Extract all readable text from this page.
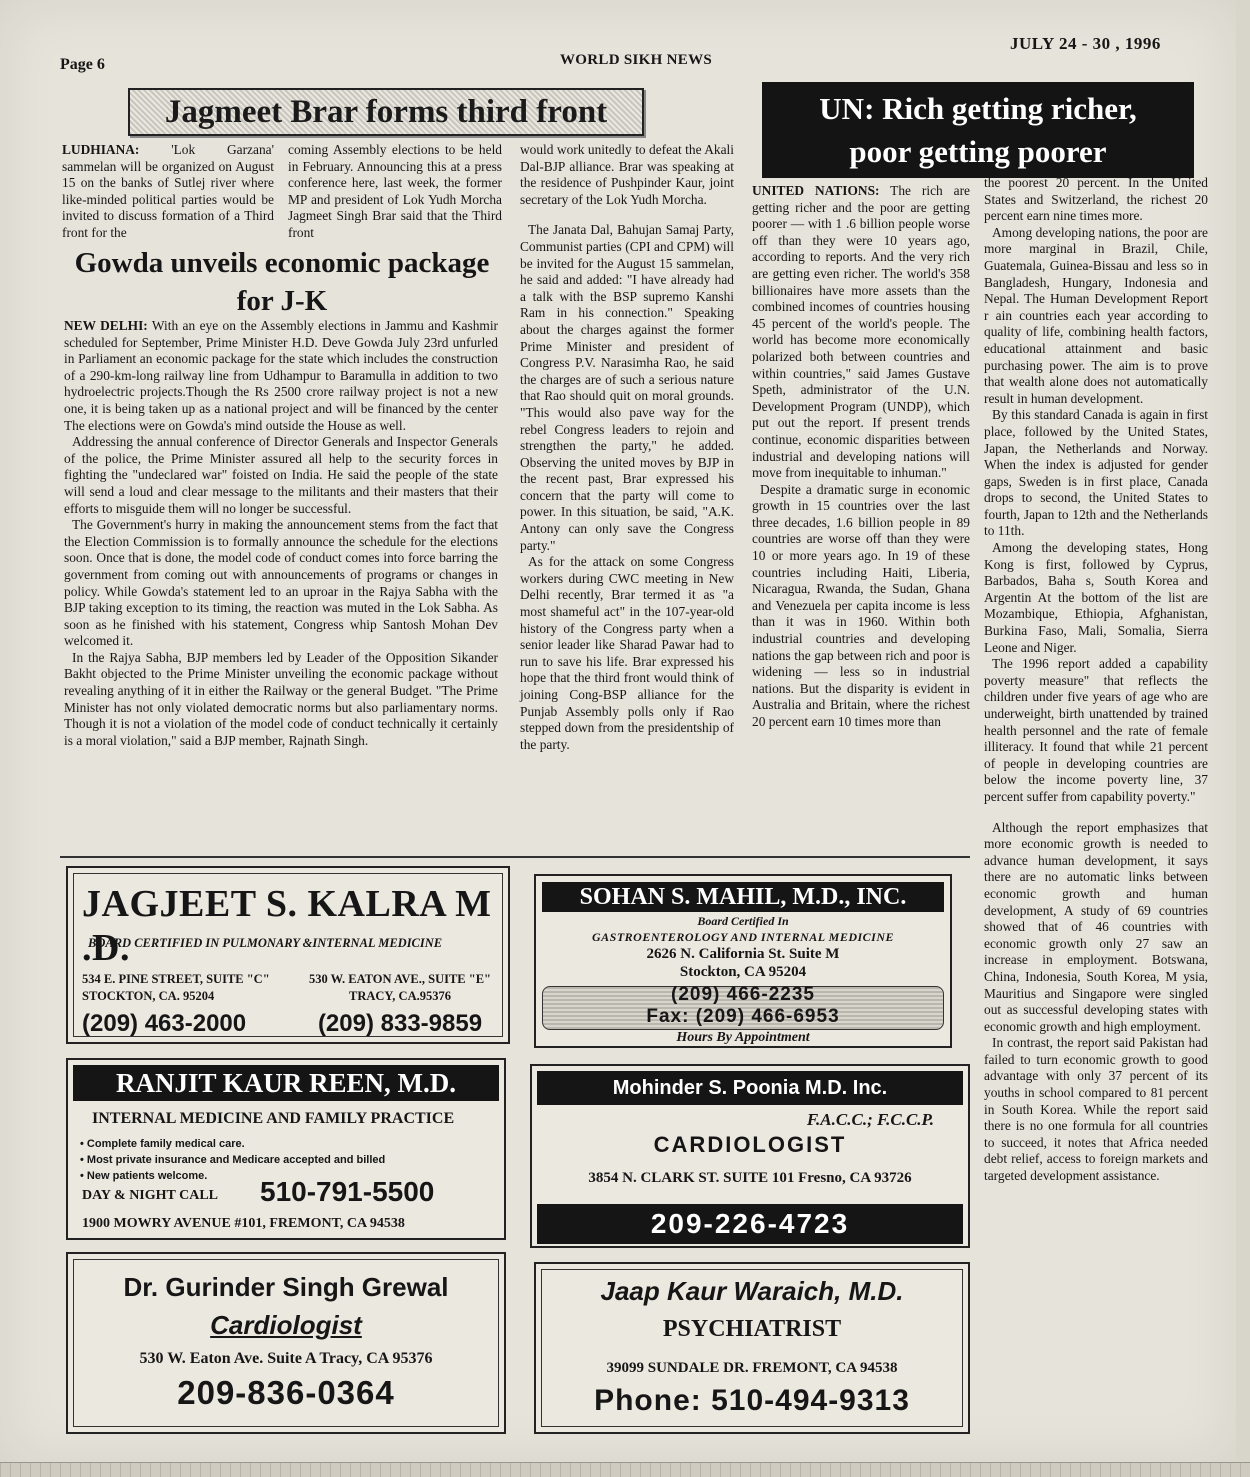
Page 6	WORLD SIKH NEWS
JULY 24 - 30 , 1996
Jagmeet Brar forms third front

LUDHIANA: 'Lok Garzana' sammelan will be organized on August 15 on the banks of Sutlej river where like-minded political parties would be invited to discuss formation of a Third front for the

coming Assembly elections to be held in February. Announcing this at a press conference here, last week, the former MP and president of Lok Yudh Morcha Jagmeet Singh Brar said that the Third front

would work unitedly to defeat the Akali Dal-BJP alliance. Brar was speaking at the residence of Pushpinder Kaur, joint secretary of the Lok Yudh Morcha.

The Janata Dal, Bahujan Samaj Party, Communist parties (CPI and CPM) will be invited for the August 15 sammelan, he said and added: "I have already had a talk with the BSP supremo Kanshi Ram in his connection." Speaking about the charges against the former Prime Minister and president of Congress P.V. Narasimha Rao, he said the charges are of such a serious nature that Rao should quit on moral grounds. "This would also pave way for the rebel Congress leaders to rejoin and strengthen the party," he added. Observing the united moves by BJP in the recent past, Brar expressed his concern that the party will come to power. In this situation, be said, "A.K. Antony can only save the Congress party."

As for the attack on some Congress workers during CWC meeting in New Delhi recently, Brar termed it as "a most shameful act" in the 107-year-old history of the Congress party when a senior leader like Sharad Pawar had to run to save his life. Brar expressed his hope that the third front would think of joining Cong-BSP alliance for the Punjab Assembly polls only if Rao stepped down from the presidentship of the party.

Gowda unveils economic package for J-K

NEW DELHI: With an eye on the Assembly elections in Jammu and Kashmir scheduled for September, Prime Minister H.D. Deve Gowda July 23rd unfurled in Parliament an economic package for the state which includes the construction of a 290-km-long railway line from Udhampur to Baramulla in addition to two hydroelectric projects.Though the Rs 2500 crore railway project is not a new one, it is being taken up as a national project and will be financed by the center The elections were on Gowda's mind outside the House as well.

Addressing the annual conference of Director Generals and Inspector Generals of the police, the Prime Minister assured all help to the security forces in fighting the "undeclared war" foisted on India. He said the people of the state will send a loud and clear message to the militants and their masters that their efforts to misguide them will no longer be successful.

The Government's hurry in making the announcement stems from the fact that the Election Commission is to formally announce the schedule for the elections soon. Once that is done, the model code of conduct comes into force barring the government from coming out with announcements of programs or changes in policy. While Gowda's statement led to an uproar in the Rajya Sabha with the BJP taking exception to its timing, the reaction was muted in the Lok Sabha. As soon as he finished with his statement, Congress whip Santosh Mohan Dev welcomed it.

In the Rajya Sabha, BJP members led by Leader of the Opposition Sikander Bakht objected to the Prime Minister unveiling the economic package without revealing anything of it in either the Railway or the general Budget. "The Prime Minister has not only violated democratic norms but also parliamentary norms. Though it is not a violation of the model code of conduct technically it certainly is a moral violation," said a BJP member, Rajnath Singh.

UN: Rich getting richer,
poor getting poorer

UNITED NATIONS: The rich are getting richer and the poor are getting poorer — with 1 .6 billion people worse off than they were 10 years ago, according to reports. And the very rich are getting even richer. The world's 358 billionaires have more assets than the combined incomes of countries housing 45 percent of the world's people. The world has become more economically polarized both between countries and within countries," said James Gustave Speth, administrator of the U.N. Development Program (UNDP), which put out the report. If present trends continue, economic disparities between industrial and developing nations will move from inequitable to inhuman."

Despite a dramatic surge in economic growth in 15 countries over the last three decades, 1.6 billion people in 89 countries are worse off than they were 10 or more years ago. In 19 of these countries including Haiti, Liberia, Nicaragua, Rwanda, the Sudan, Ghana and Venezuela per capita income is less than it was in 1960. Within both industrial countries and developing nations the gap between rich and poor is widening — less so in industrial nations. But the disparity is evident in Australia and Britain, where the richest 20 percent earn 10 times more than

the poorest 20 percent. In the United States and Switzerland, the richest 20 percent earn nine times more.

Among developing nations, the poor are more marginal in Brazil, Chile, Guatemala, Guinea-Bissau and less so in Bangladesh, Hungary, Indonesia and Nepal. The Human Development Report r ain countries each year according to quality of life, combining health factors, educational attainment and basic purchasing power. The aim is to prove that wealth alone does not automatically result in human development.

By this standard Canada is again in first place, followed by the United States, Japan, the Netherlands and Norway. When the index is adjusted for gender gaps, Sweden is in first place, Canada drops to second, the United States to fourth, Japan to 12th and the Netherlands to 11th.

Among the developing states, Hong Kong is first, followed by Cyprus, Barbados, Baha s, South Korea and Argentin At the bottom of the list are Mozambique, Ethiopia, Afghanistan, Burkina Faso, Mali, Somalia, Sierra Leone and Niger.

The 1996 report added a capability poverty measure" that reflects the children under five years of age who are underweight, birth unattended by trained health personnel and the rate of female illiteracy. It found that while 21 percent of people in developing countries are below the income poverty line, 37 percent suffer from capability poverty."

Although the report emphasizes that more economic growth is needed to advance human development, it says there are no automatic links between economic growth and human development, A study of 69 countries showed that of 46 countries with economic growth only 27 saw an increase in employment. Botswana, China, Indonesia, South Korea, M ysia, Mauritius and Singapore were singled out as successful developing states with economic growth and high employment.

In contrast, the report said Pakistan had failed to turn economic growth to good advantage with only 37 percent of its youths in school compared to 81 percent in South Korea. While the report said there is no one formula for all countries to succeed, it notes that Africa needed debt relief, access to foreign markets and targeted development assistance.

JAGJEET S. KALRA M .D.
BOARD CERTIFIED IN PULMONARY &INTERNAL MEDICINE
534 E. PINE STREET, SUITE "C"
STOCKTON, CA. 95204
(209) 463-2000
530 W. EATON AVE., SUITE "E"
TRACY, CA.95376
(209) 833-9859
SOHAN S. MAHIL, M.D., INC.
Board Certified In
GASTROENTEROLOGY AND INTERNAL MEDICINE
2626 N. California St. Suite M
Stockton, CA 95204
(209) 466-2235
Fax: (209) 466-6953
Hours By Appointment
RANJIT KAUR REEN, M.D.
INTERNAL MEDICINE AND FAMILY PRACTICE
• Complete family medical care.
• Most private insurance and Medicare accepted and billed
• New patients welcome.
DAY & NIGHT CALL 510-791-5500
1900 MOWRY AVENUE #101, FREMONT, CA 94538
Mohinder S. Poonia M.D. Inc.
F.A.C.C.; F.C.C.P.
CARDIOLOGIST
3854 N. CLARK ST. SUITE 101 Fresno, CA 93726
209-226-4723
Dr. Gurinder Singh Grewal
Cardiologist
530 W. Eaton Ave. Suite A Tracy, CA 95376
209-836-0364
Jaap Kaur Waraich, M.D.
PSYCHIATRIST
39099 SUNDALE DR. FREMONT, CA 94538
Phone: 510-494-9313
